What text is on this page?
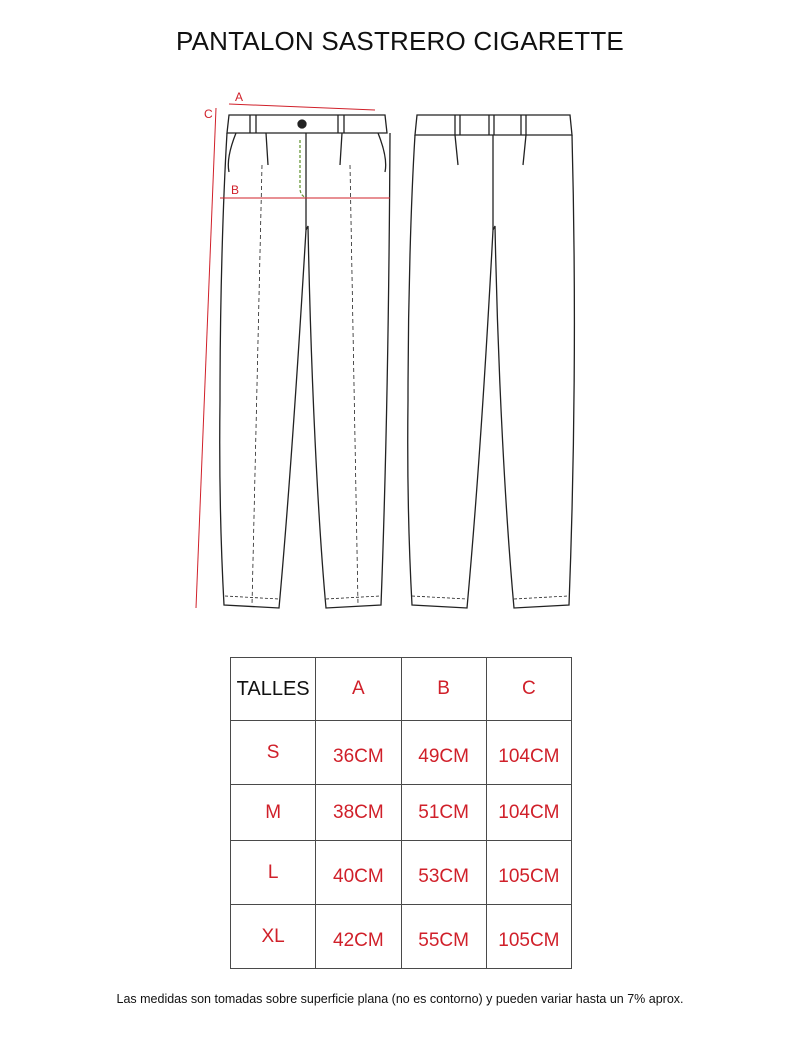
PANTALON SASTRERO CIGARETTE
A
B
C
TALLES	A	B	C
S	36CM	49CM	104CM
M	38CM	51CM	104CM
L	40CM	53CM	105CM
XL	42CM	55CM	105CM
Las medidas son tomadas sobre superficie plana (no es contorno) y pueden variar hasta un 7% aprox.
